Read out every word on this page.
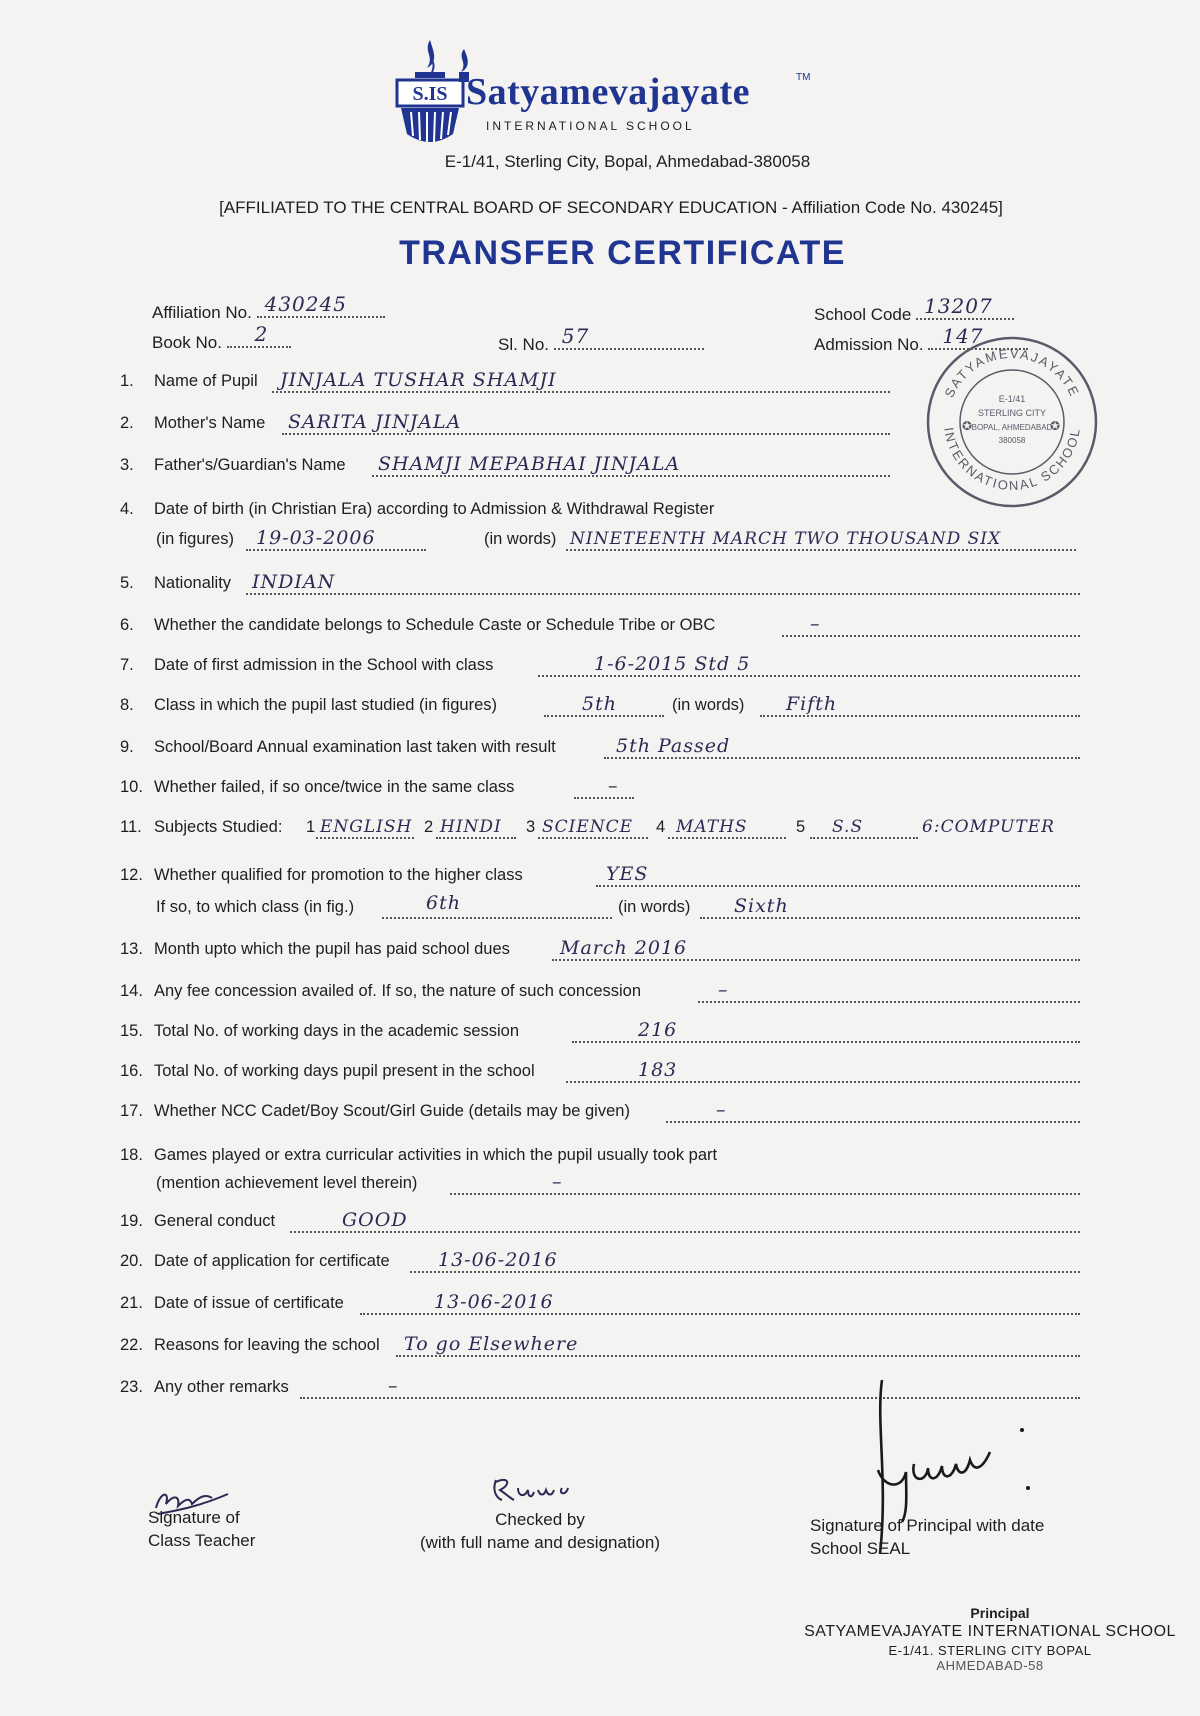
S.IS Satyamevajayate	TM
INTERNATIONAL SCHOOL
E-1/41, Sterling City, Bopal, Ahmedabad-380058
[AFFILIATED TO THE CENTRAL BOARD OF SECONDARY EDUCATION - Affiliation Code No. 430245]
TRANSFER CERTIFICATE
Affiliation No. 430245
Book No. 2	Sl. No. 57
School Code 13207
Admission No. 147
SATYAMEVAJAYATE
INTERNATIONAL SCHOOL
E-1/41
STERLING CITY
BOPAL, AHMEDABAD
380058
✪	✪
1. Name of Pupil JINJALA TUSHAR SHAMJI
2. Mother's Name SARITA JINJALA
3. Father's/Guardian's Name SHAMJI MEPABHAI JINJALA
4. Date of birth (in Christian Era) according to Admission & Withdrawal Register
(in figures) 19-03-2006	(in words) NINETEENTH MARCH TWO THOUSAND SIX
5. Nationality INDIAN
6. Whether the candidate belongs to Schedule Caste or Schedule Tribe or OBC	–
7. Date of first admission in the School with class	1-6-2015 Std 5
8. Class in which the pupil last studied (in figures)	5th	(in words) Fifth
9. School/Board Annual examination last taken with result	5th Passed
10. Whether failed, if so once/twice in the same class	–
11. Subjects Studied: 1 ENGLISH 2 HINDI 3 SCIENCE 4 MATHS	5 S.S	6:COMPUTER
12. Whether qualified for promotion to the higher class	YES
If so, to which class (in fig.)	6th	(in words) Sixth
13. Month upto which the pupil has paid school dues	March 2016
14. Any fee concession availed of. If so, the nature of such concession	–
15. Total No. of working days in the academic session	216
16. Total No. of working days pupil present in the school	183
17. Whether NCC Cadet/Boy Scout/Girl Guide (details may be given)	–
18. Games played or extra curricular activities in which the pupil usually took part
(mention achievement level therein)	–
19. General conduct	GOOD
20. Date of application for certificate	13-06-2016
21. Date of issue of certificate	13-06-2016
22. Reasons for leaving the school To go Elsewhere
23. Any other remarks	–
Signature of
Class Teacher
Checked by
(with full name and designation)
Signature of Principal with date
School SEAL
Principal
SATYAMEVAJAYATE INTERNATIONAL SCHOOL
E-1/41. STERLING CITY BOPAL
AHMEDABAD-58
